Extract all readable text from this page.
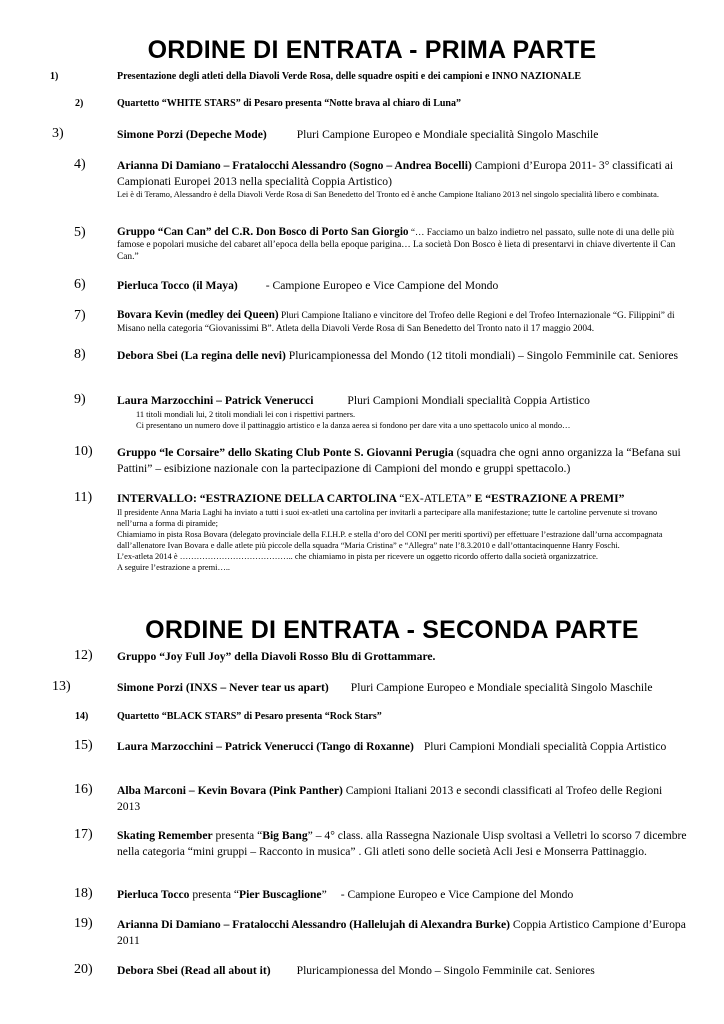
ORDINE DI ENTRATA - PRIMA PARTE
1)	Presentazione degli atleti della Diavoli Verde Rosa, delle squadre ospiti e dei campioni e INNO NAZIONALE
2)	Quartetto “WHITE STARS” di Pesaro presenta “Notte brava al chiaro di Luna”
3)	Simone Porzi (Depeche Mode)	Pluri Campione Europeo e Mondiale specialità Singolo Maschile
4)	Arianna Di Damiano – Fratalocchi Alessandro (Sogno – Andrea Bocelli) Campioni d’Europa 2011- 3° classificati ai Campionati Europei 2013 nella specialità Coppia Artistico)
Lei è di Teramo, Alessandro è della Diavoli Verde Rosa di San Benedetto del Tronto ed è anche Campione Italiano 2013 nel singolo specialità libero e combinata.
5)	Gruppo “Can Can” del C.R. Don Bosco di Porto San Giorgio “… Facciamo un balzo indietro nel passato, sulle note di una delle più famose e popolari musiche del cabaret all’epoca della bella epoque parigina… La società Don Bosco è lieta di presentarvi in chiave divertente il Can Can.”
6)	Pierluca Tocco (il Maya) - Campione Europeo e Vice Campione del Mondo
7)	Bovara Kevin (medley dei Queen) Pluri Campione Italiano e vincitore del Trofeo delle Regioni e del Trofeo Internazionale “G. Filippini” di Misano nella categoria “Giovanissimi B”. Atleta della Diavoli Verde Rosa di San Benedetto del Tronto nato il 17 maggio 2004.
8)	Debora Sbei (La regina delle nevi) Pluricampionessa del Mondo (12 titoli mondiali) – Singolo Femminile cat. Seniores
9)	Laura Marzocchini – Patrick Venerucci	Pluri Campioni Mondiali specialità Coppia Artistico
11 titoli mondiali lui, 2 titoli mondiali lei con i rispettivi partners.
Ci presentano un numero dove il pattinaggio artistico e la danza aerea si fondono per dare vita a uno spettacolo unico al mondo…
10) Gruppo “le Corsaire” dello Skating Club Ponte S. Giovanni Perugia (squadra che ogni anno organizza la “Befana sui Pattini” – esibizione nazionale con la partecipazione di Campioni del mondo e gruppi spettacolo.)
11) INTERVALLO: “ESTRAZIONE DELLA CARTOLINA “EX-ATLETA” E “ESTRAZIONE A PREMI”
Il presidente Anna Maria Laghi ha inviato a tutti i suoi ex-atleti una cartolina per invitarli a partecipare alla manifestazione; tutte le cartoline pervenute si trovano nell’urna a forma di piramide;
Chiamiamo in pista Rosa Bovara (delegato provinciale della F.I.H.P. e stella d’oro del CONI per meriti sportivi) per effettuare l’estrazione dall’urna accompagnata dall’allenatore Ivan Bovara e dalle atlete più piccole della squadra “Maria Cristina” e “Allegra” nate l’8.3.2010 e dall’ottantacinquenne Hanry Foschi.
L’ex-atleta 2014 è ………………………………….. che chiamiamo in pista per ricevere un oggetto ricordo offerto dalla società organizzatrice.
A seguire l’estrazione a premi…..
ORDINE DI ENTRATA - SECONDA PARTE
12) Gruppo “Joy Full Joy” della Diavoli Rosso Blu di Grottammare.
13)	Simone Porzi (INXS – Never tear us apart) Pluri Campione Europeo e Mondiale specialità Singolo Maschile
14)	Quartetto “BLACK STARS” di Pesaro presenta “Rock Stars”
15) Laura Marzocchini – Patrick Venerucci (Tango di Roxanne) Pluri Campioni Mondiali specialità Coppia Artistico
16) Alba Marconi – Kevin Bovara (Pink Panther) Campioni Italiani 2013 e secondi classificati al Trofeo delle Regioni 2013
17) Skating Remember presenta “Big Bang” – 4° class. alla Rassegna Nazionale Uisp svoltasi a Velletri lo scorso 7 dicembre nella categoria “mini gruppi – Racconto in musica” . Gli atleti sono delle società Acli Jesi e Monserra Pattinaggio.
18) Pierluca Tocco presenta “Pier Buscaglione” - Campione Europeo e Vice Campione del Mondo
19) Arianna Di Damiano – Fratalocchi Alessandro (Hallelujah di Alexandra Burke) Coppia Artistico Campione d’Europa 2011
20) Debora Sbei (Read all about it) Pluricampionessa del Mondo – Singolo Femminile cat. Seniores
